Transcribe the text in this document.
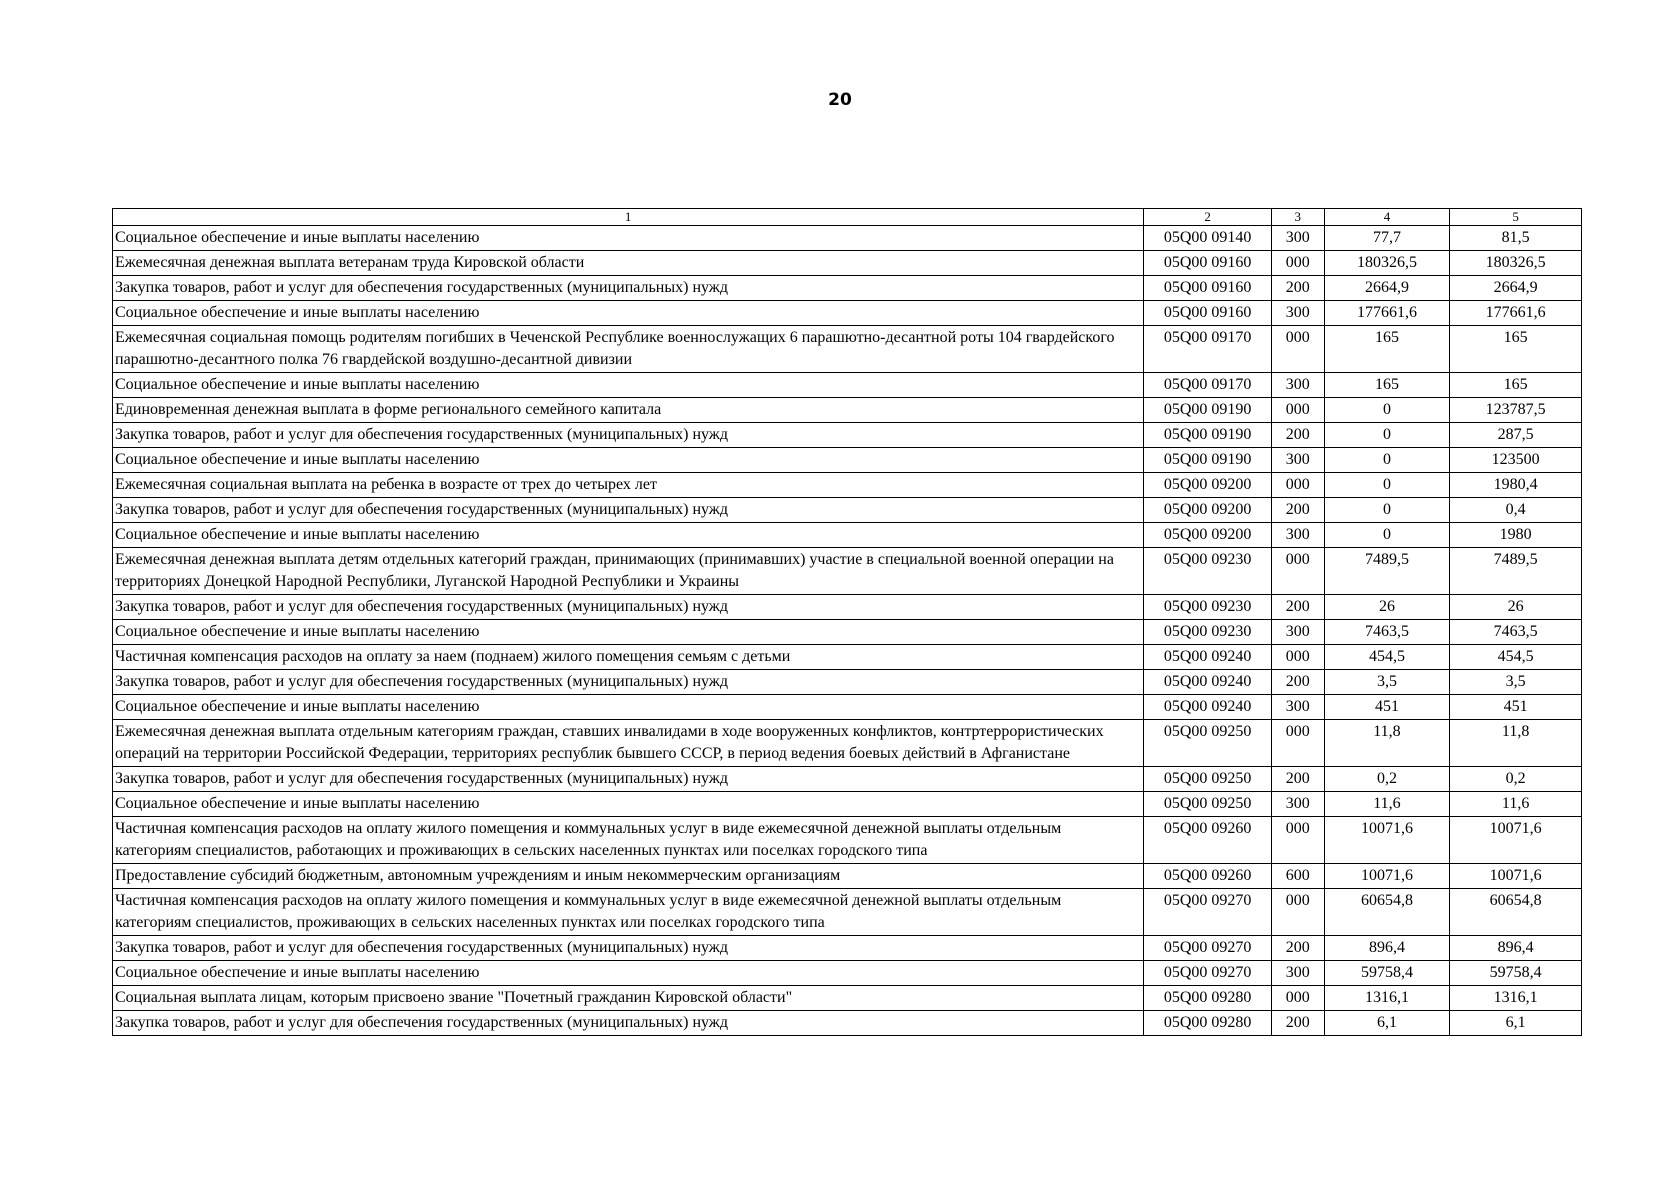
20
1	2	3	4	5
Социальное обеспечение и иные выплаты населению	05Q00 09140	300	77,7	81,5
Ежемесячная денежная выплата ветеранам труда Кировской области	05Q00 09160	000	180326,5	180326,5
Закупка товаров, работ и услуг для обеспечения государственных (муниципальных) нужд	05Q00 09160	200	2664,9	2664,9
Социальное обеспечение и иные выплаты населению	05Q00 09160	300	177661,6	177661,6
Ежемесячная социальная помощь родителям погибших в Чеченской Республике военнослужащих 6 парашютно-десантной роты 104 гвардейского парашютно-десантного полка 76 гвардейской воздушно-десантной дивизии	05Q00 09170	000	165	165
Социальное обеспечение и иные выплаты населению	05Q00 09170	300	165	165
Единовременная денежная выплата в форме регионального семейного капитала	05Q00 09190	000	0	123787,5
Закупка товаров, работ и услуг для обеспечения государственных (муниципальных) нужд	05Q00 09190	200	0	287,5
Социальное обеспечение и иные выплаты населению	05Q00 09190	300	0	123500
Ежемесячная социальная выплата на ребенка в возрасте от трех до четырех лет	05Q00 09200	000	0	1980,4
Закупка товаров, работ и услуг для обеспечения государственных (муниципальных) нужд	05Q00 09200	200	0	0,4
Социальное обеспечение и иные выплаты населению	05Q00 09200	300	0	1980
Ежемесячная денежная выплата детям отдельных категорий граждан, принимающих (принимавших) участие в специальной военной операции на территориях Донецкой Народной Республики, Луганской Народной Республики и Украины	05Q00 09230	000	7489,5	7489,5
Закупка товаров, работ и услуг для обеспечения государственных (муниципальных) нужд	05Q00 09230	200	26	26
Социальное обеспечение и иные выплаты населению	05Q00 09230	300	7463,5	7463,5
Частичная компенсация расходов на оплату за наем (поднаем) жилого помещения семьям с детьми	05Q00 09240	000	454,5	454,5
Закупка товаров, работ и услуг для обеспечения государственных (муниципальных) нужд	05Q00 09240	200	3,5	3,5
Социальное обеспечение и иные выплаты населению	05Q00 09240	300	451	451
Ежемесячная денежная выплата отдельным категориям граждан, ставших инвалидами в ходе вооруженных конфликтов, контртеррористических операций на территории Российской Федерации, территориях республик бывшего СССР, в период ведения боевых действий в Афганистане	05Q00 09250	000	11,8	11,8
Закупка товаров, работ и услуг для обеспечения государственных (муниципальных) нужд	05Q00 09250	200	0,2	0,2
Социальное обеспечение и иные выплаты населению	05Q00 09250	300	11,6	11,6
Частичная компенсация расходов на оплату жилого помещения и коммунальных услуг в виде ежемесячной денежной выплаты отдельным категориям специалистов, работающих и проживающих в сельских населенных пунктах или поселках городского типа	05Q00 09260	000	10071,6	10071,6
Предоставление субсидий бюджетным, автономным учреждениям и иным некоммерческим организациям	05Q00 09260	600	10071,6	10071,6
Частичная компенсация расходов на оплату жилого помещения и коммунальных услуг в виде ежемесячной денежной выплаты отдельным категориям специалистов, проживающих в сельских населенных пунктах или поселках городского типа	05Q00 09270	000	60654,8	60654,8
Закупка товаров, работ и услуг для обеспечения государственных (муниципальных) нужд	05Q00 09270	200	896,4	896,4
Социальное обеспечение и иные выплаты населению	05Q00 09270	300	59758,4	59758,4
Социальная выплата лицам, которым присвоено звание "Почетный гражданин Кировской области"	05Q00 09280	000	1316,1	1316,1
Закупка товаров, работ и услуг для обеспечения государственных (муниципальных) нужд	05Q00 09280	200	6,1	6,1
